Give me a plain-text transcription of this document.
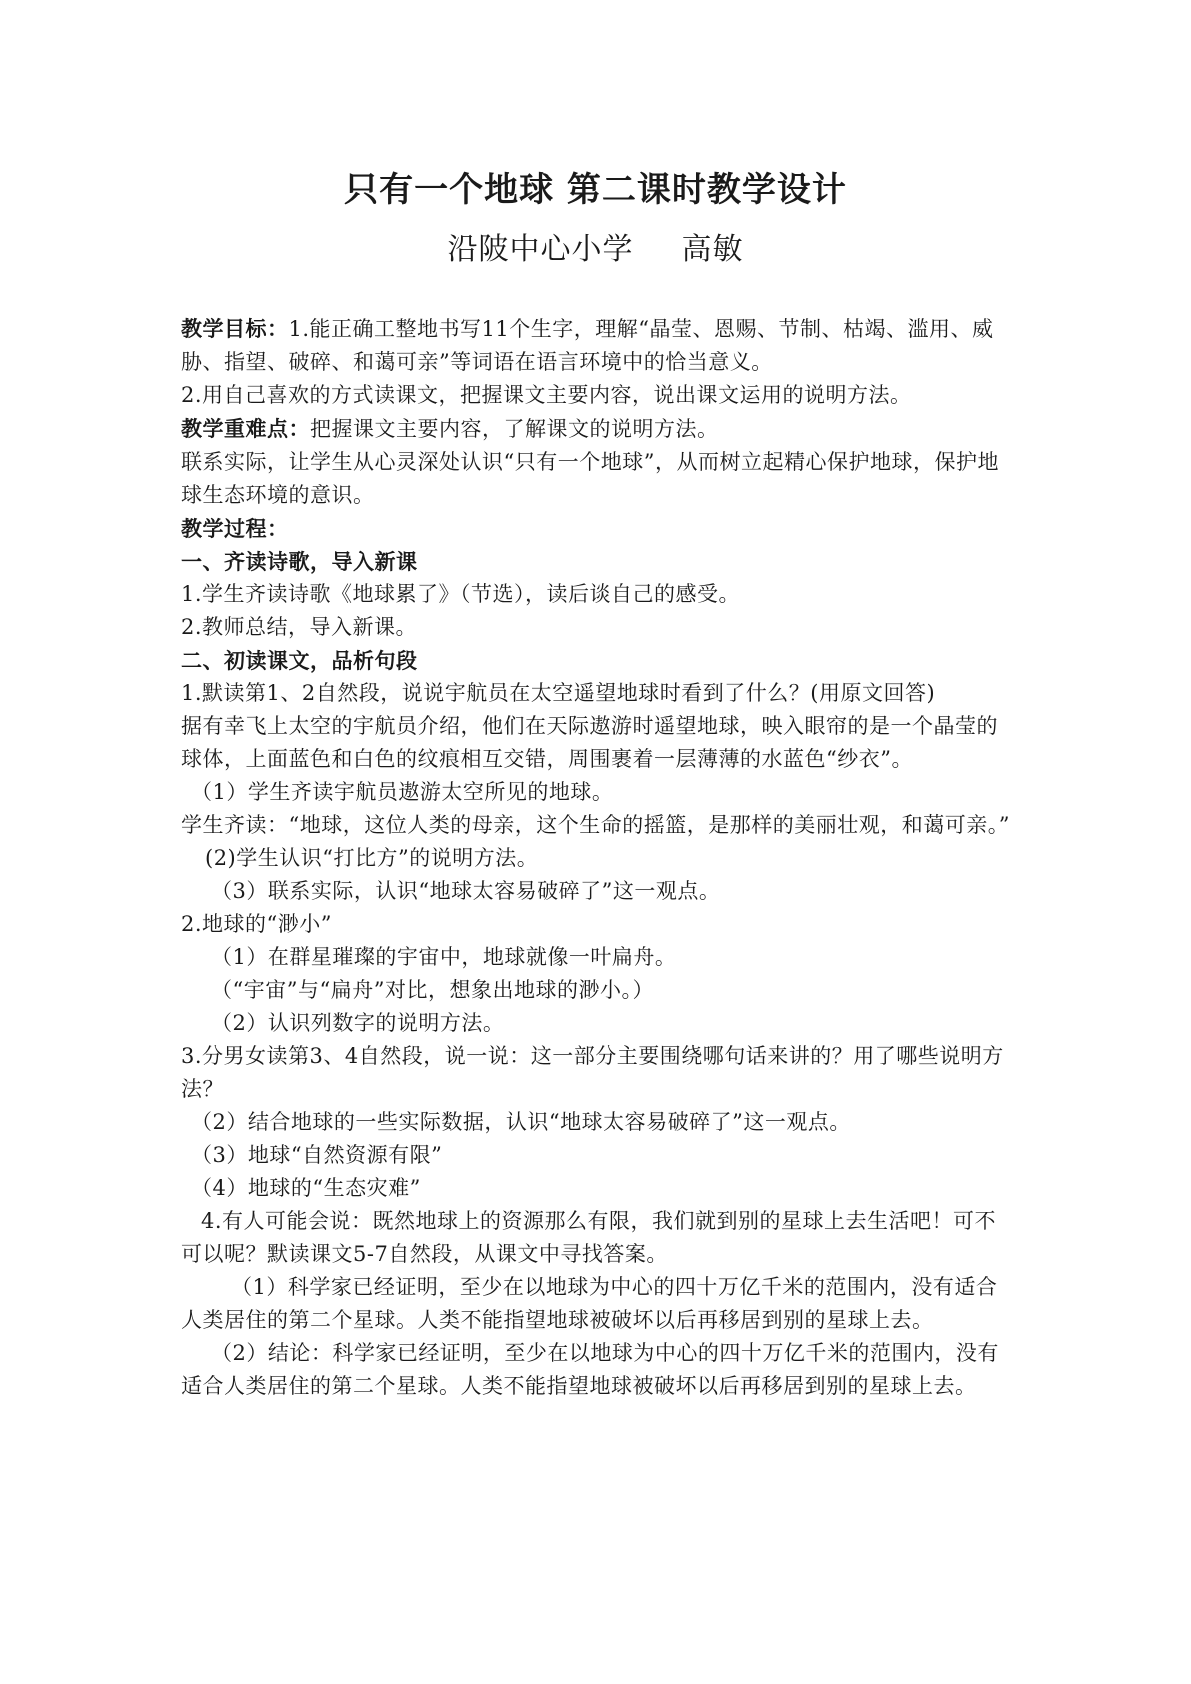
只有一个地球 第二课时教学设计
沿陂中心小学 高敏

教学目标：1.能正确工整地书写11个生字，理解“晶莹、恩赐、节制、枯竭、滥用、威胁、指望、破碎、和蔼可亲”等词语在语言环境中的恰当意义。

2.用自己喜欢的方式读课文，把握课文主要内容，说出课文运用的说明方法。

教学重难点：把握课文主要内容，了解课文的说明方法。

联系实际，让学生从心灵深处认识“只有一个地球”，从而树立起精心保护地球，保护地球生态环境的意识。

教学过程：

一、齐读诗歌，导入新课

1.学生齐读诗歌《地球累了》（节选），读后谈自己的感受。

2.教师总结，导入新课。

二、初读课文，品析句段

1.默读第1、2自然段，说说宇航员在太空遥望地球时看到了什么？(用原文回答)

据有幸飞上太空的宇航员介绍，他们在天际遨游时遥望地球，映入眼帘的是一个晶莹的球体，上面蓝色和白色的纹痕相互交错，周围裹着一层薄薄的水蓝色“纱衣”。

（1）学生齐读宇航员遨游太空所见的地球。

学生齐读：“地球，这位人类的母亲，这个生命的摇篮，是那样的美丽壮观，和蔼可亲。”

(2)学生认识“打比方”的说明方法。

（3）联系实际，认识“地球太容易破碎了”这一观点。

2.地球的“渺小”

（1）在群星璀璨的宇宙中，地球就像一叶扁舟。

（“宇宙”与“扁舟”对比，想象出地球的渺小。）

（2）认识列数字的说明方法。

3.分男女读第3、4自然段，说一说：这一部分主要围绕哪句话来讲的？用了哪些说明方法？

（2）结合地球的一些实际数据，认识“地球太容易破碎了”这一观点。

（3）地球“自然资源有限”

（4）地球的“生态灾难”

4.有人可能会说：既然地球上的资源那么有限，我们就到别的星球上去生活吧！可不可以呢？默读课文5-7自然段，从课文中寻找答案。

（1）科学家已经证明，至少在以地球为中心的四十万亿千米的范围内，没有适合人类居住的第二个星球。人类不能指望地球被破坏以后再移居到别的星球上去。

（2）结论：科学家已经证明，至少在以地球为中心的四十万亿千米的范围内，没有适合人类居住的第二个星球。人类不能指望地球被破坏以后再移居到别的星球上去。
